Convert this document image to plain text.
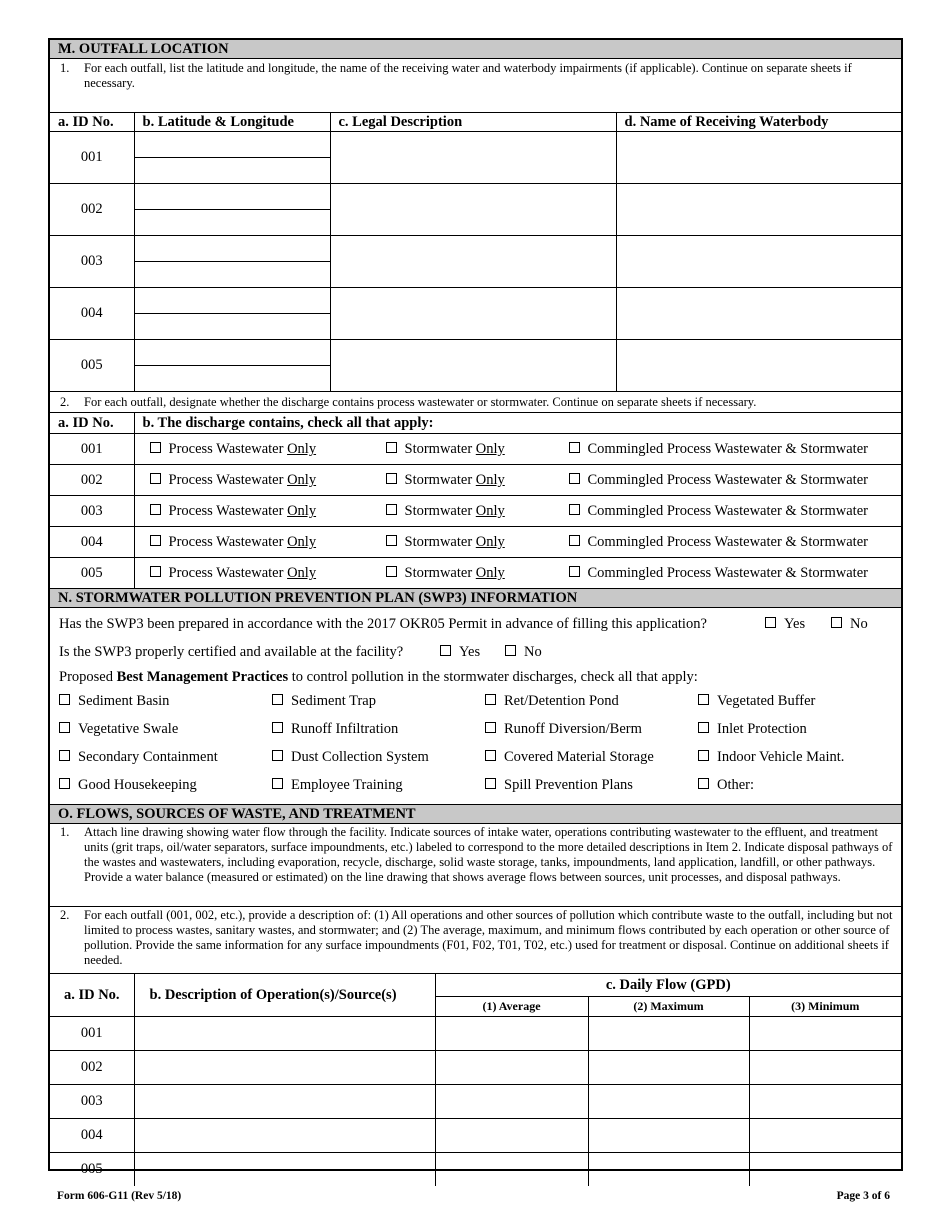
M. OUTFALL LOCATION
1. For each outfall, list the latitude and longitude, the name of the receiving water and waterbody impairments (if applicable). Continue on separate sheets if necessary.
a. ID No.	b. Latitude & Longitude	c. Legal Description	d. Name of Receiving Waterbody
001			

002			

003			

004			

005			

2. For each outfall, designate whether the discharge contains process wastewater or stormwater. Continue on separate sheets if necessary.
a. ID No.	b. The discharge contains, check all that apply:
001	Process Wastewater Only Stormwater Only Commingled Process Wastewater & Stormwater

002	Process Wastewater Only Stormwater Only Commingled Process Wastewater & Stormwater

003	Process Wastewater Only Stormwater Only Commingled Process Wastewater & Stormwater

004	Process Wastewater Only Stormwater Only Commingled Process Wastewater & Stormwater

005	Process Wastewater Only Stormwater Only Commingled Process Wastewater & Stormwater
N. STORMWATER POLLUTION PREVENTION PLAN (SWP3) INFORMATION
Has the SWP3 been prepared in accordance with the 2017 OKR05 Permit in advance of filling this application?	Yes	No
Is the SWP3 properly certified and available at the facility?	Yes	No
Proposed Best Management Practices to control pollution in the stormwater discharges, check all that apply:
Sediment Basin	Sediment Trap	Ret/Detention Pond	Vegetated Buffer
Vegetative Swale	Runoff Infiltration	Runoff Diversion/Berm	Inlet Protection
Secondary Containment	Dust Collection System	Covered Material Storage	Indoor Vehicle Maint.
Good Housekeeping	Employee Training	Spill Prevention Plans	Other:
O. FLOWS, SOURCES OF WASTE, AND TREATMENT
1. Attach line drawing showing water flow through the facility. Indicate sources of intake water, operations contributing wastewater to the effluent, and treatment units (grit traps, oil/water separators, surface impoundments, etc.) labeled to correspond to the more detailed descriptions in Item 2. Indicate disposal pathways of the wastes and wastewaters, including evaporation, recycle, discharge, solid waste storage, tanks, impoundments, land application, landfill, or other pathways. Provide a water balance (measured or estimated) on the line drawing that shows average flows between sources, unit processes, and disposal pathways.
2. For each outfall (001, 002, etc.), provide a description of: (1) All operations and other sources of pollution which contribute waste to the outfall, including but not limited to process wastes, sanitary wastes, and stormwater; and (2) The average, maximum, and minimum flows contributed by each operation or other source of pollution. Provide the same information for any surface impoundments (F01, F02, T01, T02, etc.) used for treatment or disposal. Continue on additional sheets if needed.
a. ID No.	b. Description of Operation(s)/Source(s)	c. Daily Flow (GPD)		
		(1) Average	(2) Maximum	(3) Minimum
001				
002				
003				
004				
005				
Form 606-G11 (Rev 5/18)	Page 3 of 6
